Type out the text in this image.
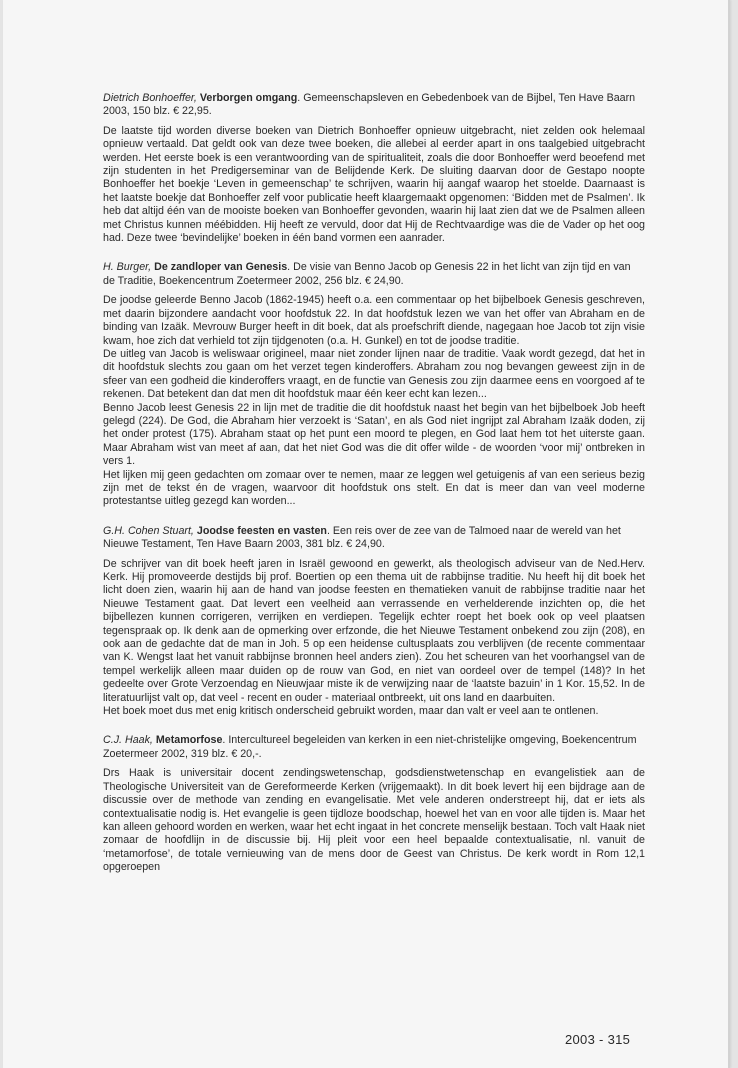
Dietrich Bonhoeffer, Verborgen omgang. Gemeenschapsleven en Gebedenboek van de Bijbel, Ten Have Baarn 2003, 150 blz. € 22,95.

De laatste tijd worden diverse boeken van Dietrich Bonhoeffer opnieuw uitgebracht, niet zelden ook helemaal opnieuw vertaald. Dat geldt ook van deze twee boeken, die allebei al eerder apart in ons taalgebied uitgebracht werden. Het eerste boek is een verantwoording van de spiritualiteit, zoals die door Bonhoeffer werd beoefend met zijn studenten in het Predigerseminar van de Belijdende Kerk. De sluiting daarvan door de Gestapo noopte Bonhoeffer het boekje ‘Leven in gemeenschap’ te schrijven, waarin hij aangaf waarop het stoelde. Daarnaast is het laatste boekje dat Bonhoeffer zelf voor publicatie heeft klaargemaakt opgenomen: ‘Bidden met de Psalmen’. Ik heb dat altijd één van de mooiste boeken van Bonhoeffer gevonden, waarin hij laat zien dat we de Psalmen alleen met Christus kunnen méébidden. Hij heeft ze vervuld, door dat Hij de Rechtvaardige was die de Vader op het oog had. Deze twee ‘bevindelijke’ boeken in één band vormen een aanrader.

H. Burger, De zandloper van Genesis. De visie van Benno Jacob op Genesis 22 in het licht van zijn tijd en van de Traditie, Boekencentrum Zoetermeer 2002, 256 blz. € 24,90.

De joodse geleerde Benno Jacob (1862-1945) heeft o.a. een commentaar op het bijbelboek Genesis geschreven, met daarin bijzondere aandacht voor hoofdstuk 22. In dat hoofdstuk lezen we van het offer van Abraham en de binding van Izaäk. Mevrouw Burger heeft in dit boek, dat als proefschrift diende, nagegaan hoe Jacob tot zijn visie kwam, hoe zich dat verhield tot zijn tijdgenoten (o.a. H. Gunkel) en tot de joodse traditie.

De uitleg van Jacob is weliswaar origineel, maar niet zonder lijnen naar de traditie. Vaak wordt gezegd, dat het in dit hoofdstuk slechts zou gaan om het verzet tegen kinderoffers. Abraham zou nog bevangen geweest zijn in de sfeer van een godheid die kinderoffers vraagt, en de functie van Genesis zou zijn daarmee eens en voorgoed af te rekenen. Dat betekent dan dat men dit hoofdstuk maar één keer echt kan lezen...

Benno Jacob leest Genesis 22 in lijn met de traditie die dit hoofdstuk naast het begin van het bijbelboek Job heeft gelegd (224). De God, die Abraham hier verzoekt is ‘Satan’, en als God niet ingrijpt zal Abraham Izaäk doden, zij het onder protest (175). Abraham staat op het punt een moord te plegen, en God laat hem tot het uiterste gaan. Maar Abraham wist van meet af aan, dat het niet God was die dit offer wilde - de woorden ‘voor mij’ ontbreken in vers 1.

Het lijken mij geen gedachten om zomaar over te nemen, maar ze leggen wel getuigenis af van een serieus bezig zijn met de tekst én de vragen, waarvoor dit hoofdstuk ons stelt. En dat is meer dan van veel moderne protestantse uitleg gezegd kan worden...

G.H. Cohen Stuart, Joodse feesten en vasten. Een reis over de zee van de Talmoed naar de wereld van het Nieuwe Testament, Ten Have Baarn 2003, 381 blz. € 24,90.

De schrijver van dit boek heeft jaren in Israël gewoond en gewerkt, als theologisch adviseur van de Ned.Herv. Kerk. Hij promoveerde destijds bij prof. Boertien op een thema uit de rabbijnse traditie. Nu heeft hij dit boek het licht doen zien, waarin hij aan de hand van joodse feesten en thematieken vanuit de rabbijnse traditie naar het Nieuwe Testament gaat. Dat levert een veelheid aan verrassende en verhelderende inzichten op, die het bijbellezen kunnen corrigeren, verrijken en verdiepen. Tegelijk echter roept het boek ook op veel plaatsen tegenspraak op. Ik denk aan de opmerking over erfzonde, die het Nieuwe Testament onbekend zou zijn (208), en ook aan de gedachte dat de man in Joh. 5 op een heidense cultusplaats zou verblijven (de recente commentaar van K. Wengst laat het vanuit rabbijnse bronnen heel anders zien). Zou het scheuren van het voorhangsel van de tempel werkelijk alleen maar duiden op de rouw van God, en niet van oordeel over de tempel (148)? In het gedeelte over Grote Verzoendag en Nieuwjaar miste ik de verwijzing naar de ‘laatste bazuin’ in 1 Kor. 15,52. In de literatuurlijst valt op, dat veel - recent en ouder - materiaal ontbreekt, uit ons land en daarbuiten.

Het boek moet dus met enig kritisch onderscheid gebruikt worden, maar dan valt er veel aan te ontlenen.

C.J. Haak, Metamorfose. Intercultureel begeleiden van kerken in een niet-christelijke omgeving, Boekencentrum Zoetermeer 2002, 319 blz. € 20,-.

Drs Haak is universitair docent zendingswetenschap, godsdienstwetenschap en evangelistiek aan de Theologische Universiteit van de Gereformeerde Kerken (vrijgemaakt). In dit boek levert hij een bijdrage aan de discussie over de methode van zending en evangelisatie. Met vele anderen onderstreept hij, dat er iets als contextualisatie nodig is. Het evangelie is geen tijdloze boodschap, hoewel het van en voor alle tijden is. Maar het kan alleen gehoord worden en werken, waar het echt ingaat in het concrete menselijk bestaan. Toch valt Haak niet zomaar de hoofdlijn in de discussie bij. Hij pleit voor een heel bepaalde contextualisatie, nl. vanuit de ‘metamorfose’, de totale vernieuwing van de mens door de Geest van Christus. De kerk wordt in Rom 12,1 opgeroepen

2003 - 315
